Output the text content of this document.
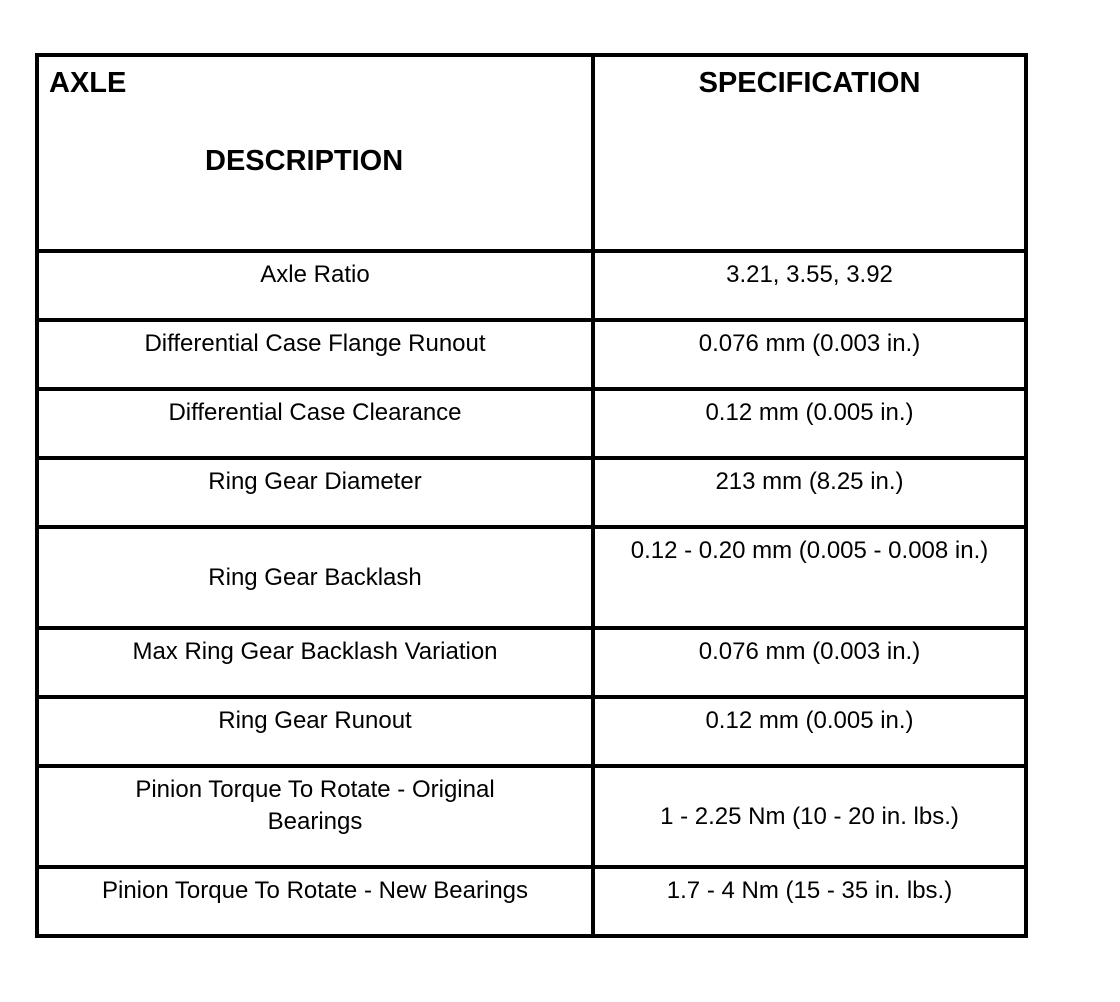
AXLE
DESCRIPTION	SPECIFICATION

Axle Ratio	3.21, 3.55, 3.92

Differential Case Flange Runout	0.076 mm (0.003 in.)

Differential Case Clearance	0.12 mm (0.005 in.)

Ring Gear Diameter	213 mm (8.25 in.)

Ring Gear Backlash	0.12 - 0.20 mm (0.005 - 0.008 in.)

Max Ring Gear Backlash Variation	0.076 mm (0.003 in.)

Ring Gear Runout	0.12 mm (0.005 in.)

Pinion Torque To Rotate - Original Bearings	1 - 2.25 Nm (10 - 20 in. lbs.)

Pinion Torque To Rotate - New Bearings	1.7 - 4 Nm (15 - 35 in. lbs.)
